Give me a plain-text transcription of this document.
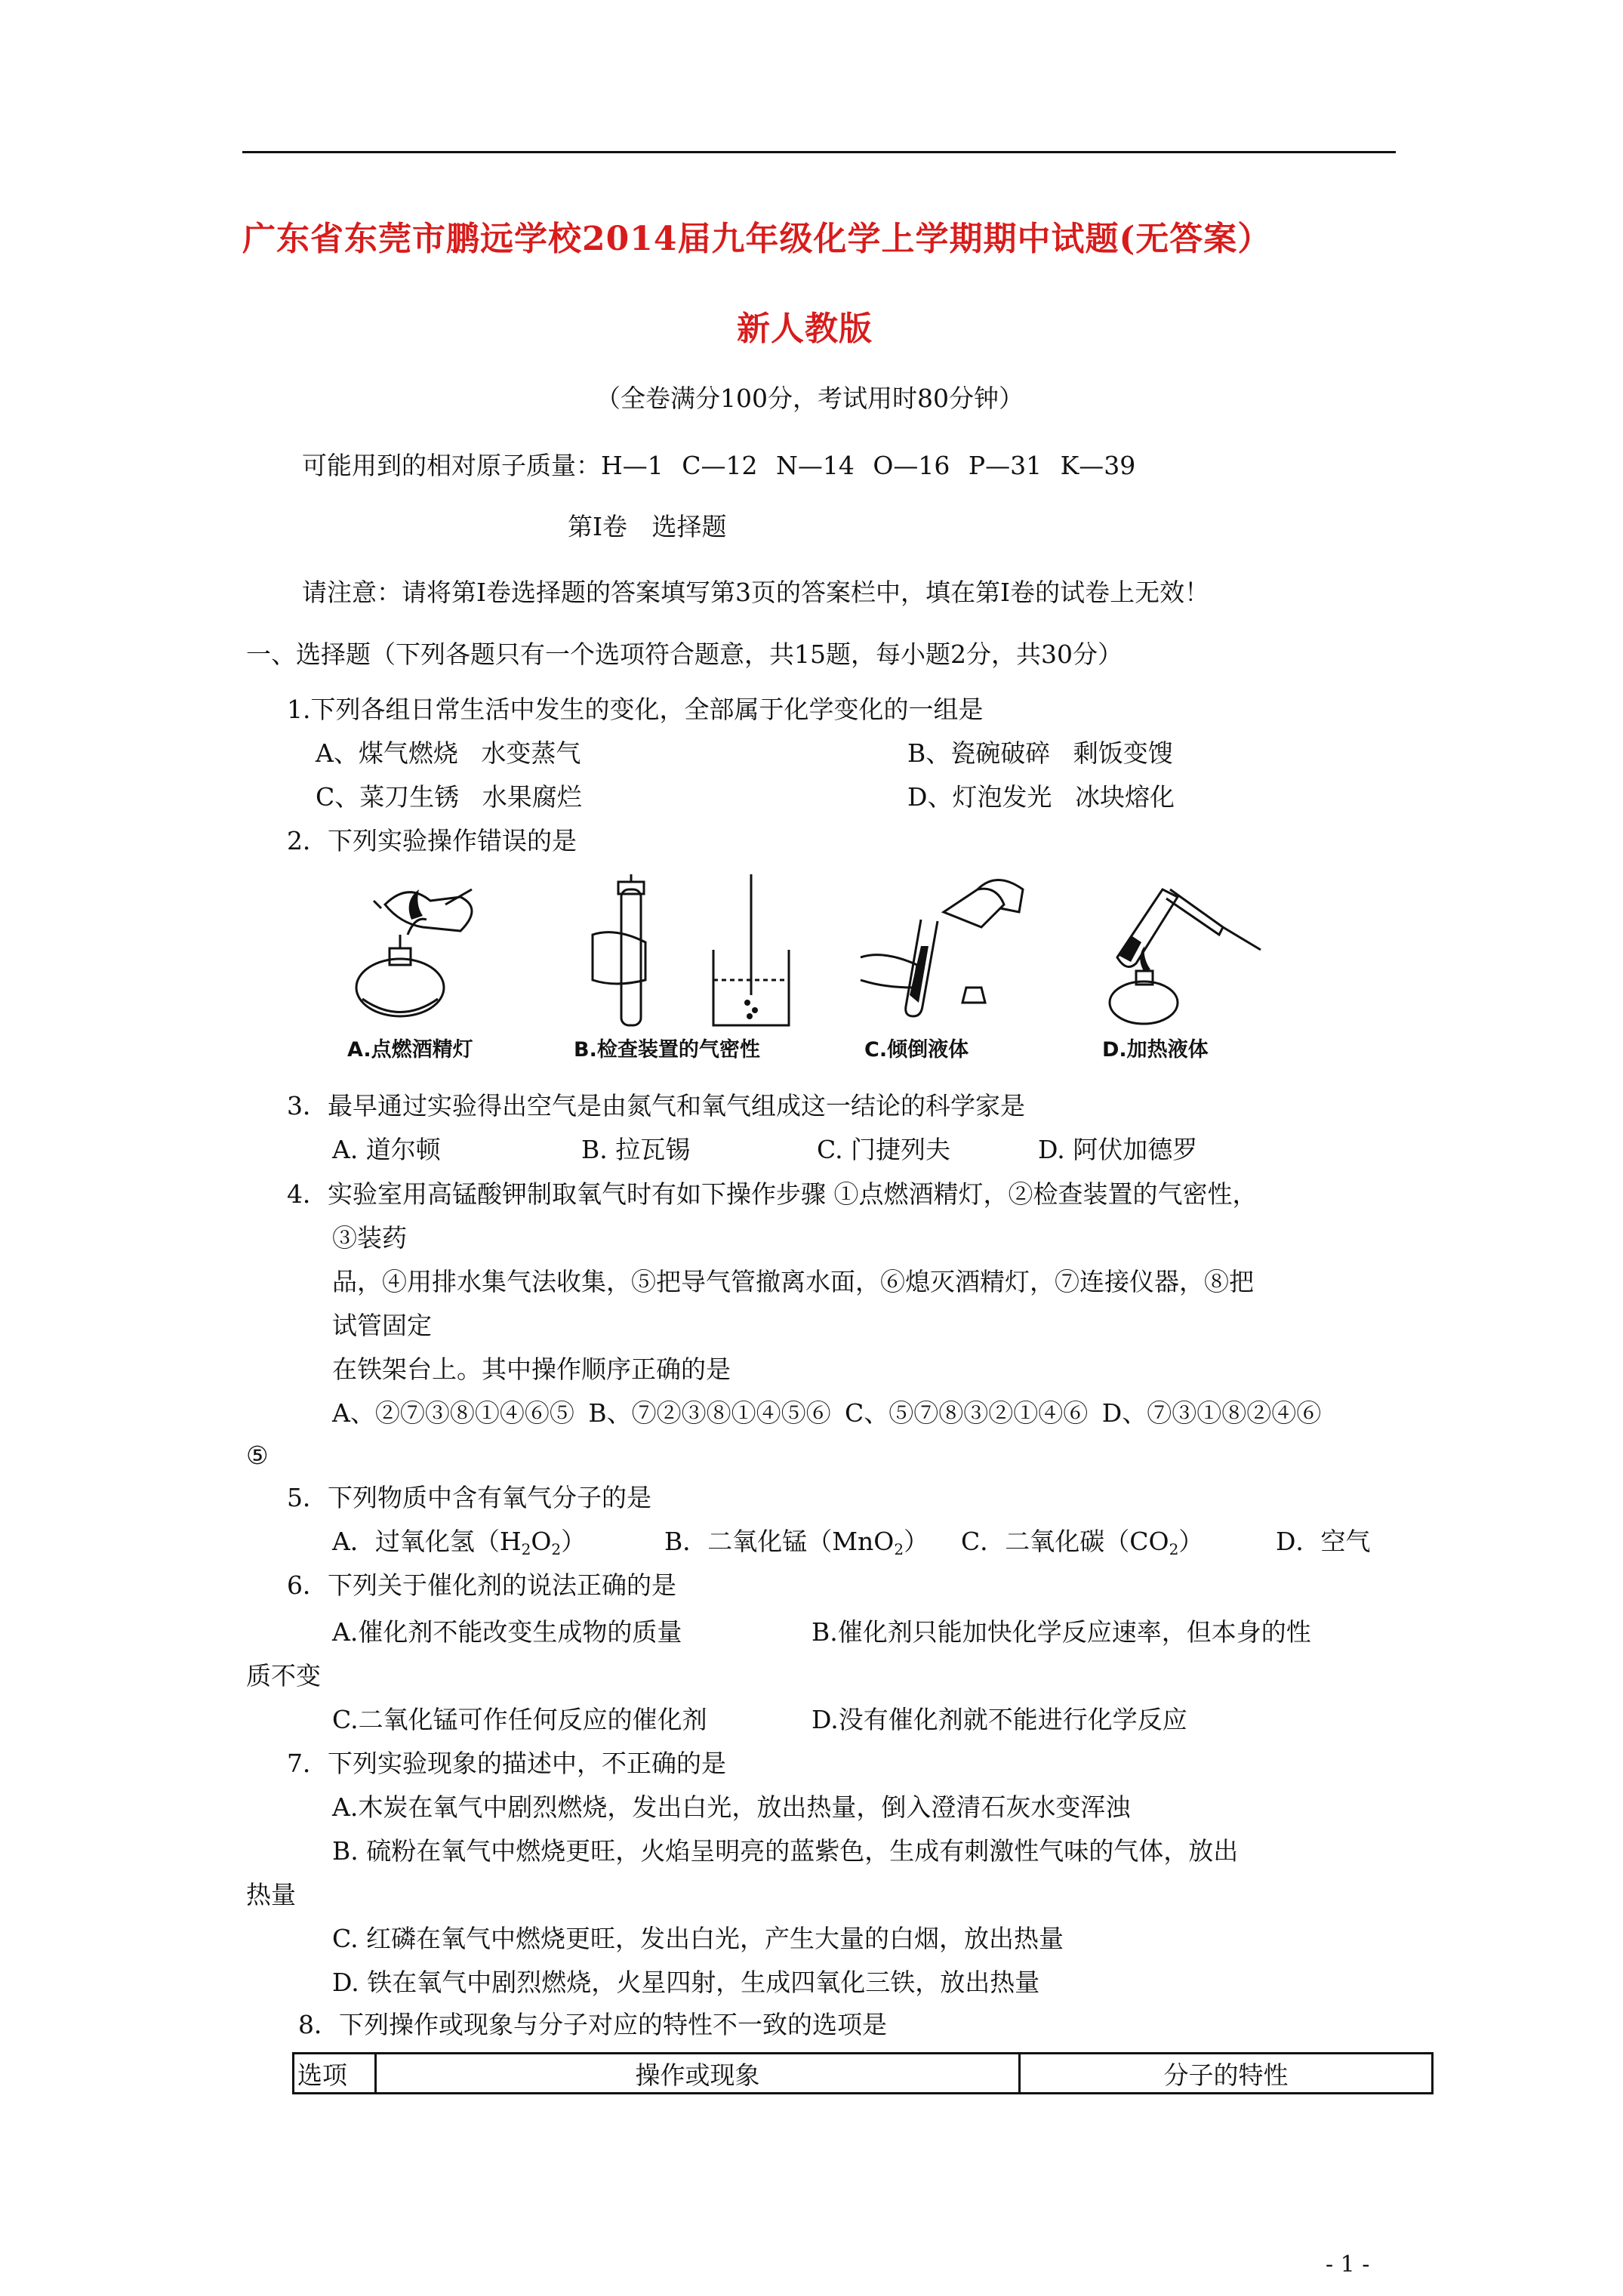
广东省东莞市鹏远学校2014届九年级化学上学期期中试题(无答案）
新人教版
（全卷满分100分，考试用时80分钟）
可能用到的相对原子质量：H—1 C—12 N—14 O—16 P—31 K—39
第Ⅰ卷 选择题
请注意：请将第Ⅰ卷选择题的答案填写第3页的答案栏中，填在第Ⅰ卷的试卷上无效！
一、选择题（下列各题只有一个选项符合题意，共15题，每小题2分，共30分）
1.下列各组日常生活中发生的变化，全部属于化学变化的一组是
A、煤气燃烧 水变蒸气	B、瓷碗破碎 剩饭变馊
C、菜刀生锈 水果腐烂	D、灯泡发光 冰块熔化
2．下列实验操作错误的是
A.点燃酒精灯	B.检查装置的气密性	C.倾倒液体	D.加热液体
3．最早通过实验得出空气是由氮气和氧气组成这一结论的科学家是
A. 道尔顿	B. 拉瓦锡	C. 门捷列夫	D. 阿伏加德罗
4．实验室用高锰酸钾制取氧气时有如下操作步骤 ①点燃酒精灯，②检查装置的气密性，
③装药
品，④用排水集气法收集，⑤把导气管撤离水面，⑥熄灭酒精灯，⑦连接仪器，⑧把
试管固定
在铁架台上。其中操作顺序正确的是
A、②⑦③⑧①④⑥⑤ B、⑦②③⑧①④⑤⑥ C、⑤⑦⑧③②①④⑥ D、⑦③①⑧②④⑥
⑤
5．下列物质中含有氧气分子的是
A．过氧化氢$(H_2O_2)$	B．二氧化锰（MnO$_2$） C．二氧化碳$(CO_2)$	D．空气
6．下列关于催化剂的说法正确的是
A.催化剂不能改变生成物的质量	B.催化剂只能加快化学反应速率，但本身的性
质不变
C.二氧化锰可作任何反应的催化剂	D.没有催化剂就不能进行化学反应
7．下列实验现象的描述中，不正确的是
A.木炭在氧气中剧烈燃烧，发出白光，放出热量，倒入澄清石灰水变浑浊
B. 硫粉在氧气中燃烧更旺，火焰呈明亮的蓝紫色，生成有刺激性气味的气体，放出
热量
C. 红磷在氧气中燃烧更旺，发出白光，产生大量的白烟，放出热量
D. 铁在氧气中剧烈燃烧，火星四射，生成四氧化三铁，放出热量
8．下列操作或现象与分子对应的特性不一致的选项是
选项	操作或现象	分子的特性
- 1 -
